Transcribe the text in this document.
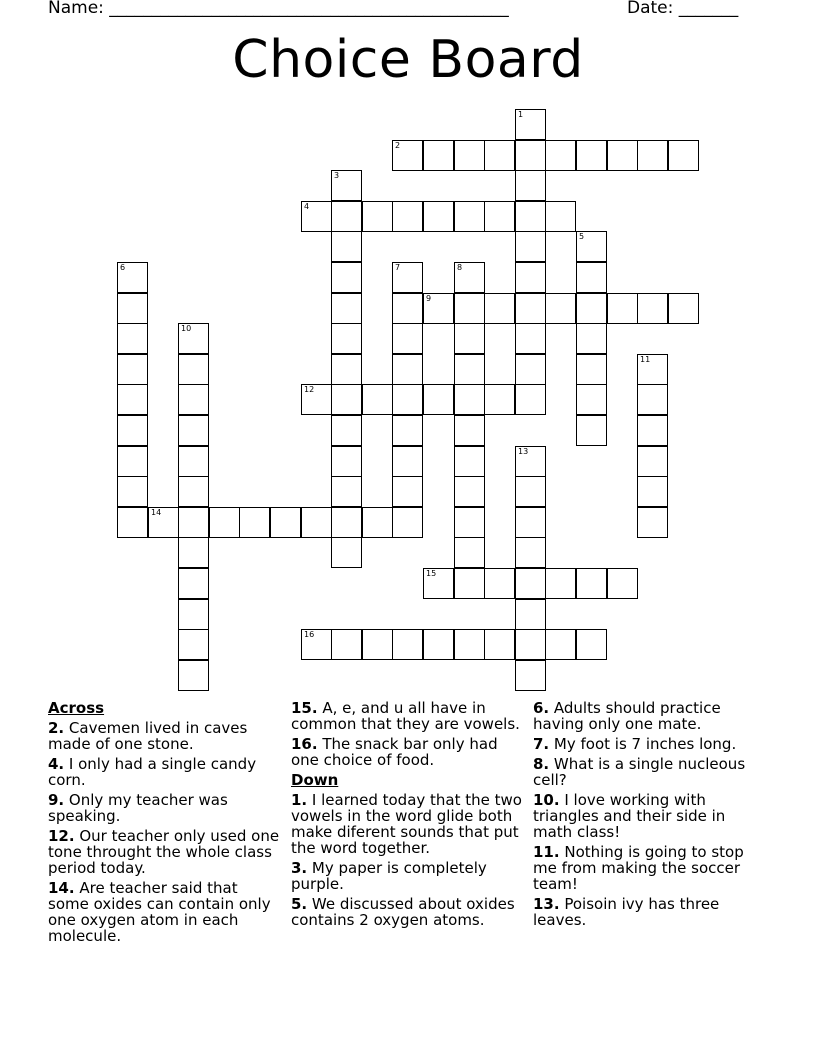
Name: _______________________________________________	Date: _______
Choice Board
1
2
3
4
5
6	7	8
9
10
11
12
13
14
15
16
Across
2. Cavemen lived in caves made of one stone.
4. I only had a single candy corn.
9. Only my teacher was speaking.
12. Our teacher only used one tone throught the whole class period today.
14. Are teacher said that some oxides can contain only one oxygen atom in each molecule.
15. A, e, and u all have in common that they are vowels.
16. The snack bar only had one choice of food.
Down
1. I learned today that the two vowels in the word glide both make diferent sounds that put the word together.
3. My paper is completely purple.
5. We discussed about oxides contains 2 oxygen atoms.
6. Adults should practice having only one mate.
7. My foot is 7 inches long.
8. What is a single nucleous cell?
10. I love working with triangles and their side in math class!
11. Nothing is going to stop me from making the soccer team!
13. Poisoin ivy has three leaves.
